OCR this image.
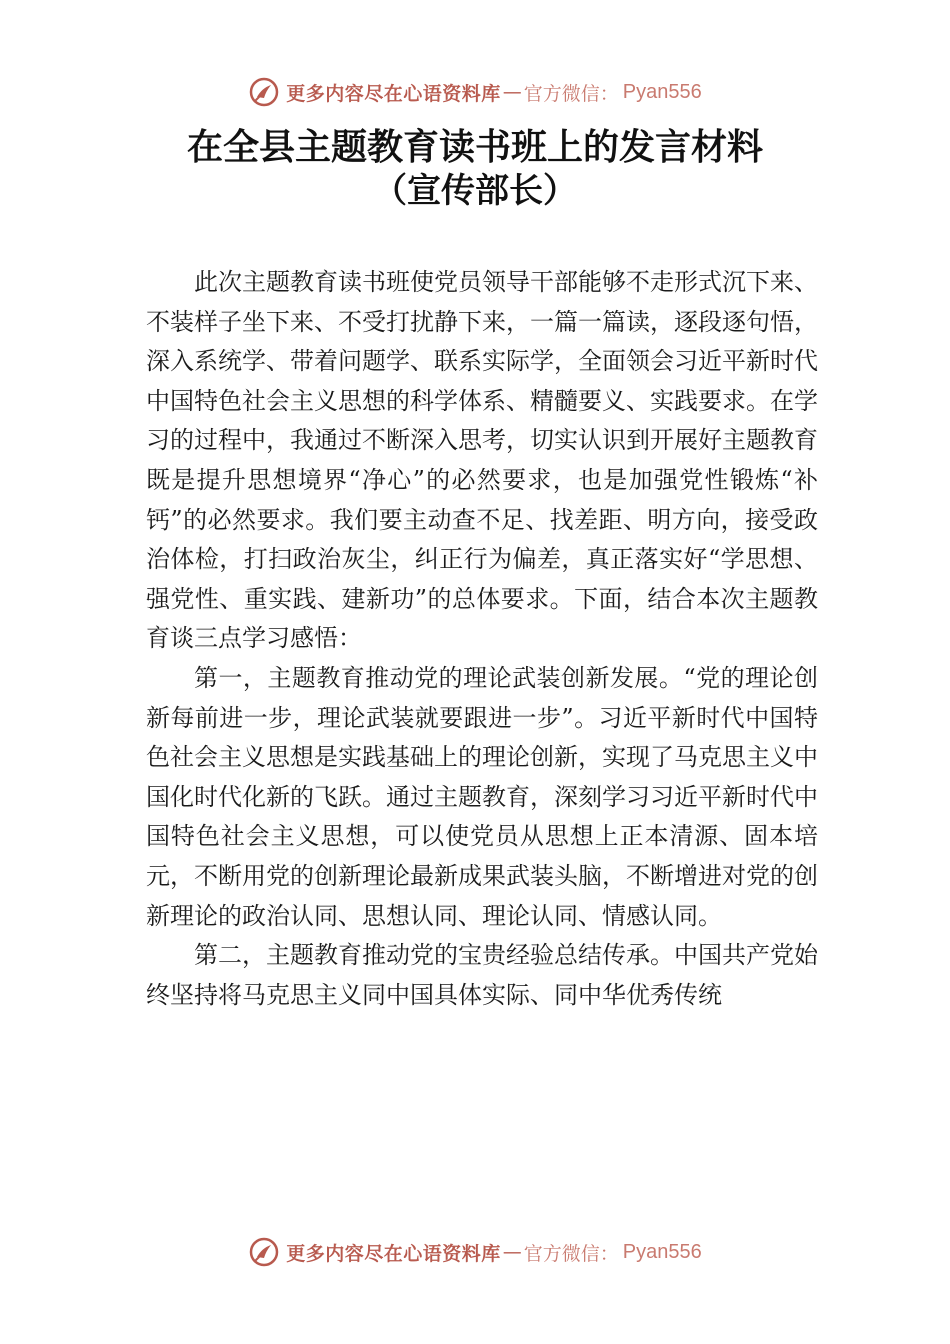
更多内容尽在心语资料库 — 官方微信： Pyan556
在全县主题教育读书班上的发言材料
（宣传部长）

此次主题教育读书班使党员领导干部能够不走形式沉下来、不装样子坐下来、不受打扰静下来，一篇一篇读，逐段逐句悟，深入系统学、带着问题学、联系实际学，全面领会习近平新时代中国特色社会主义思想的科学体系、精髓要义、实践要求。在学习的过程中，我通过不断深入思考，切实认识到开展好主题教育既是提升思想境界“净心”的必然要求，也是加强党性锻炼“补钙”的必然要求。我们要主动查不足、找差距、明方向，接受政治体检，打扫政治灰尘，纠正行为偏差，真正落实好“学思想、强党性、重实践、建新功”的总体要求。下面，结合本次主题教育谈三点学习感悟：

第一，主题教育推动党的理论武装创新发展。“党的理论创新每前进一步，理论武装就要跟进一步”。习近平新时代中国特色社会主义思想是实践基础上的理论创新，实现了马克思主义中国化时代化新的飞跃。通过主题教育，深刻学习习近平新时代中国特色社会主义思想，可以使党员从思想上正本清源、固本培元，不断用党的创新理论最新成果武装头脑，不断增进对党的创新理论的政治认同、思想认同、理论认同、情感认同。

第二，主题教育推动党的宝贵经验总结传承。中国共产党始终坚持将马克思主义同中国具体实际、同中华优秀传统

更多内容尽在心语资料库 — 官方微信： Pyan556
